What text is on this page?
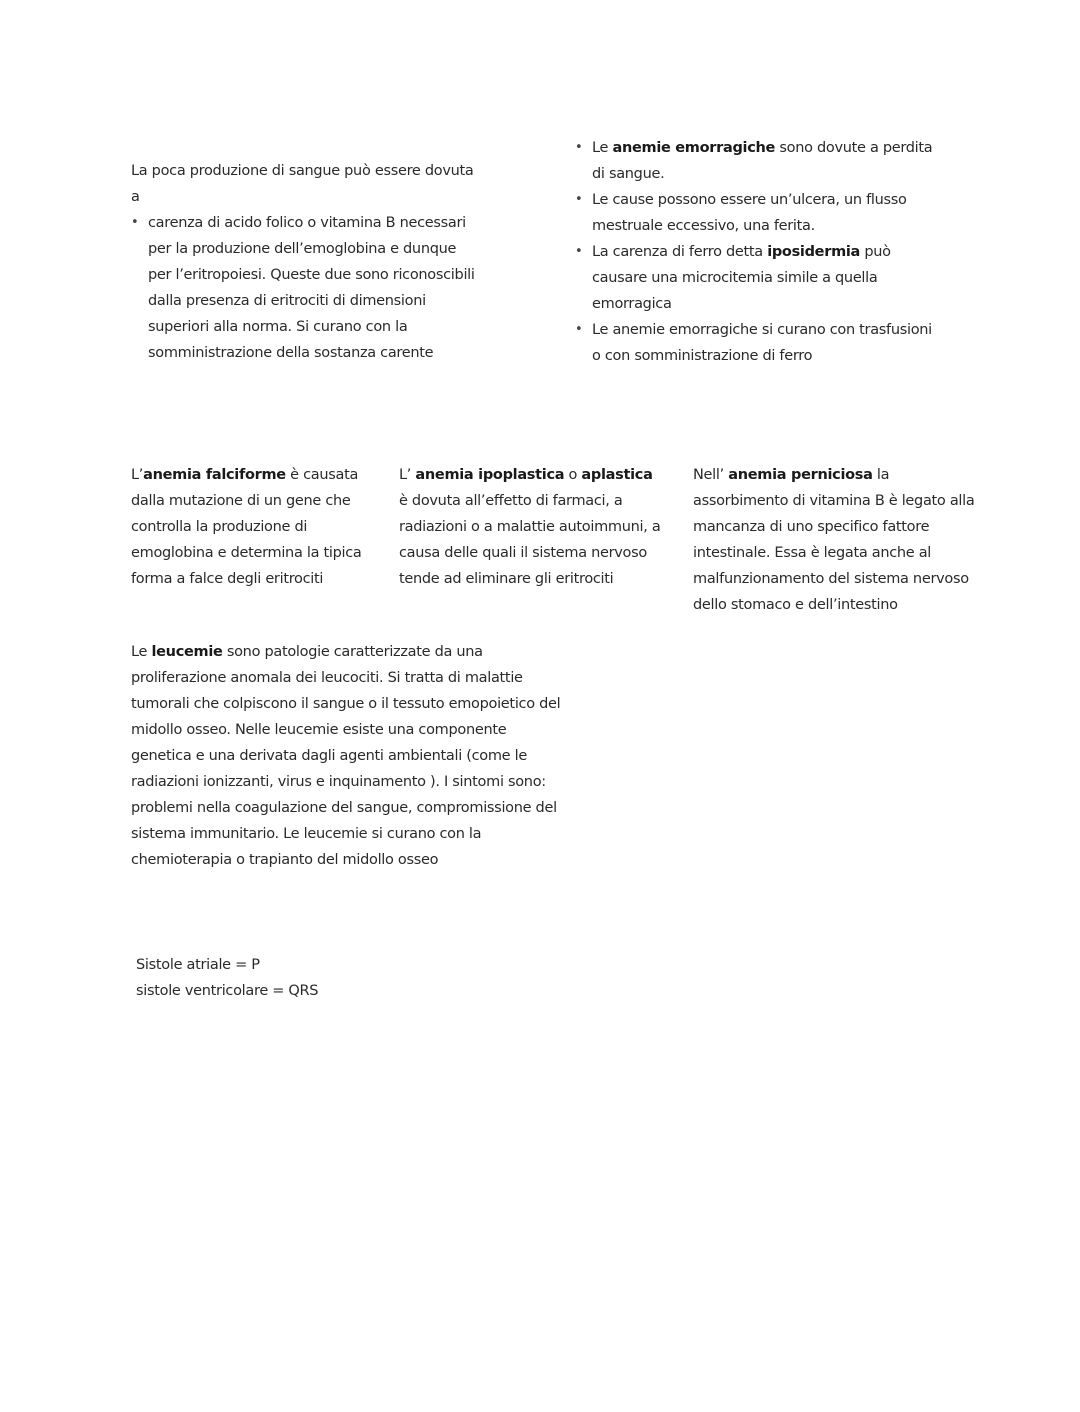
La poca produzione di sangue può essere dovuta a

• carenza di acido folico o vitamina B necessari per la produzione dell’emoglobina e dunque per l’eritropoiesi. Queste due sono riconoscibili dalla presenza di eritrociti di dimensioni superiori alla norma. Si curano con la somministrazione della sostanza carente
• Le anemie emorragiche sono dovute a perdita di sangue.
• Le cause possono essere un’ulcera, un flusso mestruale eccessivo, una ferita.
• La carenza di ferro detta iposidermia può causare una microcitemia simile a quella emorragica
• Le anemie emorragiche si curano con trasfusioni o con somministrazione di ferro

L’anemia falciforme è causata dalla mutazione di un gene che controlla la produzione di emoglobina e determina la tipica forma a falce degli eritrociti

L’ anemia ipoplastica o aplastica è dovuta all’effetto di farmaci, a radiazioni o a malattie autoimmuni, a causa delle quali il sistema nervoso tende ad eliminare gli eritrociti

Nell’ anemia perniciosa la assorbimento di vitamina B è legato alla mancanza di uno specifico fattore intestinale. Essa è legata anche al malfunzionamento del sistema nervoso dello stomaco e dell’intestino

Le leucemie sono patologie caratterizzate da una proliferazione anomala dei leucociti. Si tratta di malattie tumorali che colpiscono il sangue o il tessuto emopoietico del midollo osseo. Nelle leucemie esiste una componente genetica e una derivata dagli agenti ambientali (come le radiazioni ionizzanti, virus e inquinamento ). I sintomi sono: problemi nella coagulazione del sangue, compromissione del sistema immunitario. Le leucemie si curano con la chemioterapia o trapianto del midollo osseo

Sistole atriale = P

sistole ventricolare = QRS
